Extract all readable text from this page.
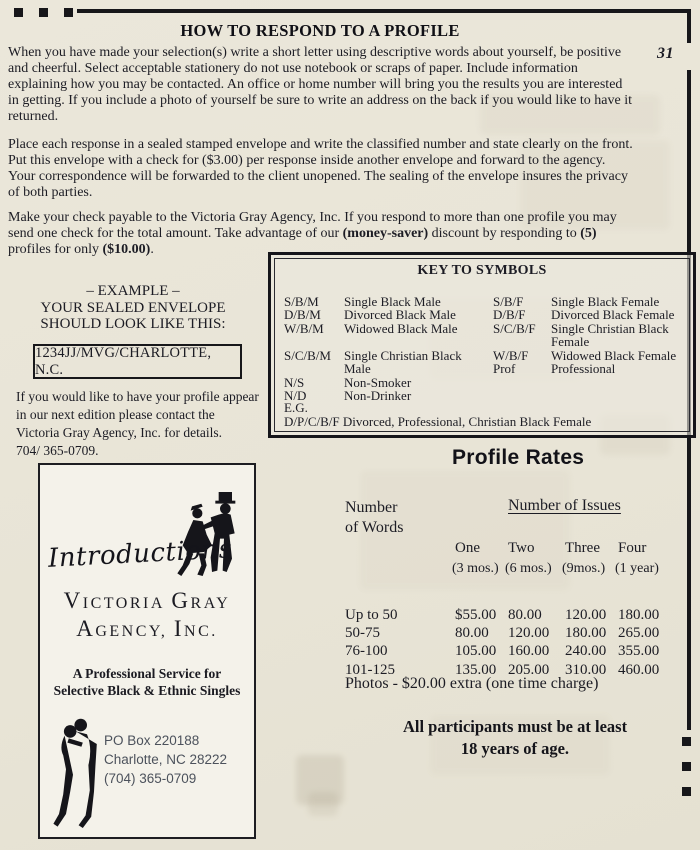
31
HOW TO RESPOND TO A PROFILE
When you have made your selection(s) write a short letter using descriptive words about yourself, be positive
and cheerful. Select acceptable stationery do not use notebook or scraps of paper. Include information
explaining how you may be contacted. An office or home number will bring you the results you are interested
in getting. If you include a photo of yourself be sure to write an address on the back if you would like to have it
returned.
Place each response in a sealed stamped envelope and write the classified number and state clearly on the front.
Put this envelope with a check for ($3.00) per response inside another envelope and forward to the agency.
Your correspondence will be forwarded to the client unopened. The sealing of the envelope insures the privacy
of both parties.
Make your check payable to the Victoria Gray Agency, Inc. If you respond to more than one profile you may
send one check for the total amount. Take advantage of our (money-saver) discount by responding to (5)
profiles for only ($10.00).
– EXAMPLE –
YOUR SEALED ENVELOPE
SHOULD LOOK LIKE THIS:
1234JJ/MVG/CHARLOTTE, N.C.
If you would like to have your profile appear
in our next edition please contact the
Victoria Gray Agency, Inc. for details.
704/ 365-0709.
KEY TO SYMBOLS
S/B/M	Single Black Male
D/B/M	Divorced Black Male
W/B/M	Widowed Black Male
S/C/B/M	Single Christian Black Male
N/S	Non-Smoker
N/D	Non-Drinker
S/B/F	Single Black Female
D/B/F	Divorced Black Female
S/C/B/F	Single Christian Black
Female
W/B/F	Widowed Black Female
Prof	Professional
E.G.
D/P/C/B/F Divorced, Professional, Christian Black Female
Profile Rates
Number
of Words
Number of Issues
One	Two	Three	Four
(3 mos.) (6 mos.) (9mos.) (1 year)
Up to 50	$55.00 80.00	120.00 180.00
50-75	80.00	120.00	180.00 265.00
76-100	105.00 160.00	240.00 355.00
101-125	135.00 205.00	310.00 460.00
Photos - $20.00 extra (one time charge)
All participants must be at least
18 years of age.
Introductions
VICTORIA GRAY
AGENCY, INC.
A Professional Service for
Selective Black & Ethnic Singles
PO Box 220188
Charlotte, NC 28222
(704) 365-0709
